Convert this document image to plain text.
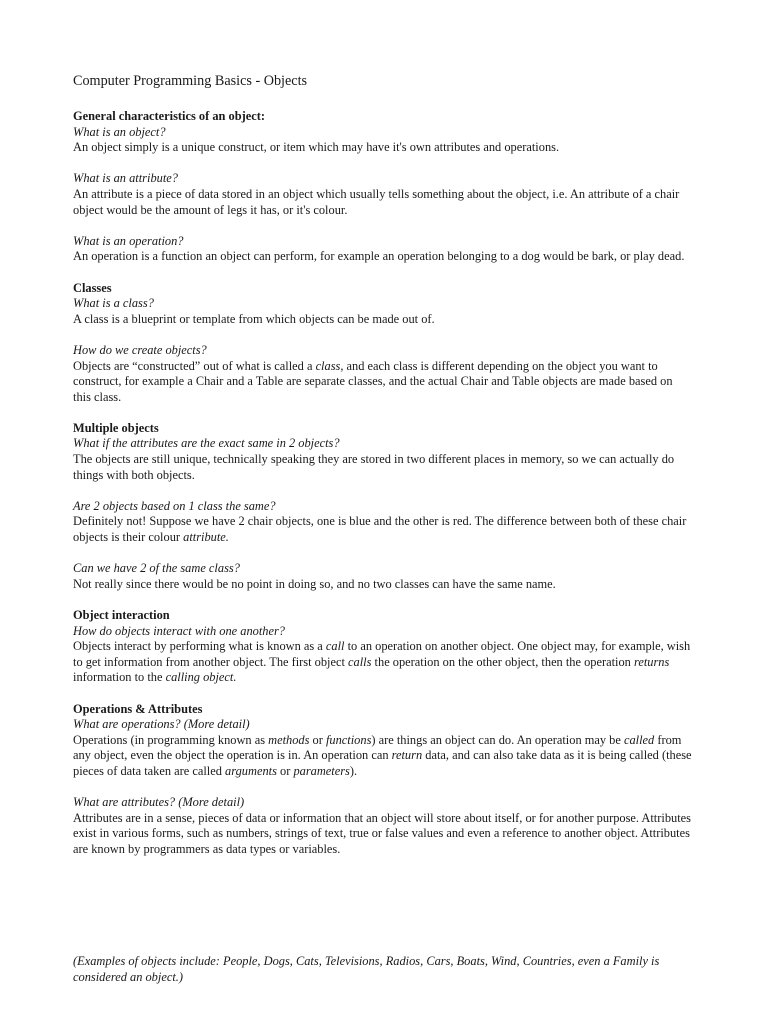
Computer Programming Basics - Objects
General characteristics of an object:
What is an object?
An object simply is a unique construct, or item which may have it's own attributes and operations.
What is an attribute?
An attribute is a piece of data stored in an object which usually tells something about the object, i.e. An attribute of a chair object would be the amount of legs it has, or it's colour.
What is an operation?
An operation is a function an object can perform, for example an operation belonging to a dog would be bark, or play dead.
Classes
What is a class?
A class is a blueprint or template from which objects can be made out of.
How do we create objects?
Objects are “constructed” out of what is called a class, and each class is different depending on the object you want to construct, for example a Chair and a Table are separate classes, and the actual Chair and Table objects are made based on this class.
Multiple objects
What if the attributes are the exact same in 2 objects?
The objects are still unique, technically speaking they are stored in two different places in memory, so we can actually do things with both objects.
Are 2 objects based on 1 class the same?
Definitely not! Suppose we have 2 chair objects, one is blue and the other is red. The difference between both of these chair objects is their colour attribute.
Can we have 2 of the same class?
Not really since there would be no point in doing so, and no two classes can have the same name.
Object interaction
How do objects interact with one another?
Objects interact by performing what is known as a call to an operation on another object. One object may, for example, wish to get information from another object. The first object calls the operation on the other object, then the operation returns information to the calling object.
Operations & Attributes
What are operations? (More detail)
Operations (in programming known as methods or functions) are things an object can do. An operation may be called from any object, even the object the operation is in. An operation can return data, and can also take data as it is being called (these pieces of data taken are called arguments or parameters).
What are attributes? (More detail)
Attributes are in a sense, pieces of data or information that an object will store about itself, or for another purpose. Attributes exist in various forms, such as numbers, strings of text, true or false values and even a reference to another object. Attributes are known by programmers as data types or variables.
(Examples of objects include: People, Dogs, Cats, Televisions, Radios, Cars, Boats, Wind, Countries, even a Family is considered an object.)
